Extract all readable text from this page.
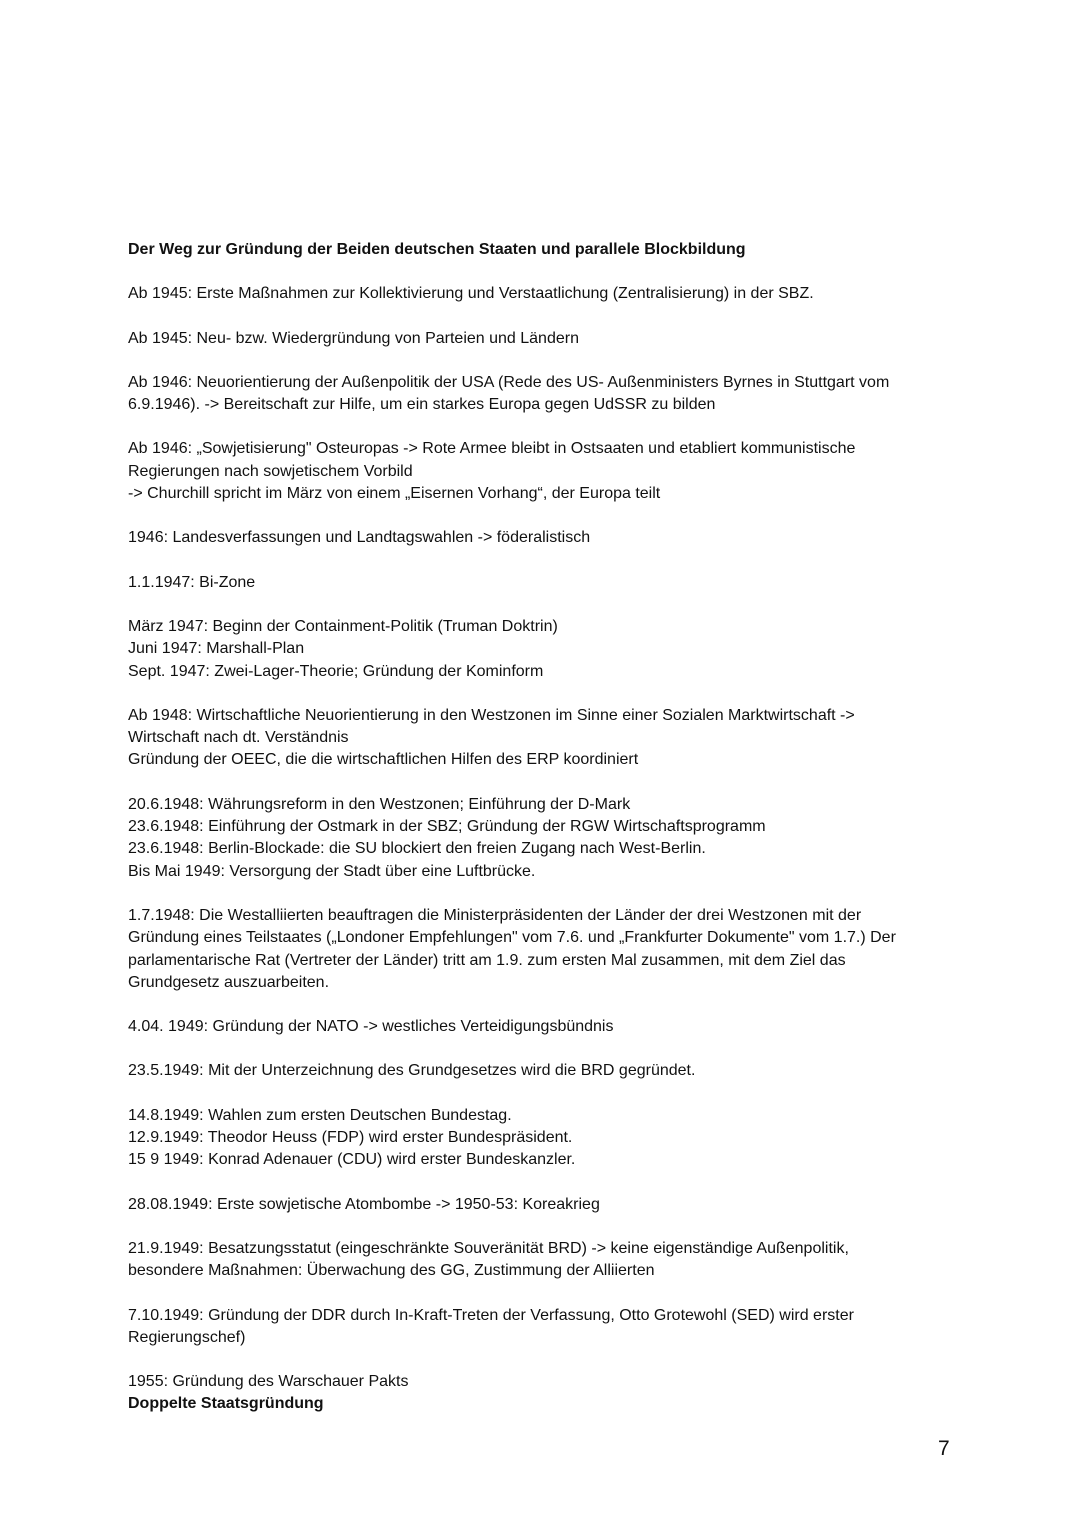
Der Weg zur Gründung der Beiden deutschen Staaten und parallele Blockbildung
Ab 1945: Erste Maßnahmen zur Kollektivierung und Verstaatlichung (Zentralisierung) in der SBZ.
Ab 1945: Neu- bzw. Wiedergründung von Parteien und Ländern
Ab 1946: Neuorientierung der Außenpolitik der USA (Rede des US- Außenministers Byrnes in Stuttgart vom
6.9.1946). -> Bereitschaft zur Hilfe, um ein starkes Europa gegen UdSSR zu bilden
Ab 1946: „Sowjetisierung" Osteuropas -> Rote Armee bleibt in Ostsaaten und etabliert kommunistische
Regierungen nach sowjetischem Vorbild
-> Churchill spricht im März von einem „Eisernen Vorhang“, der Europa teilt
1946: Landesverfassungen und Landtagswahlen -> föderalistisch
1.1.1947: Bi-Zone
März 1947: Beginn der Containment-Politik (Truman Doktrin)
Juni 1947: Marshall-Plan
Sept. 1947: Zwei-Lager-Theorie; Gründung der Kominform
Ab 1948: Wirtschaftliche Neuorientierung in den Westzonen im Sinne einer Sozialen Marktwirtschaft ->
Wirtschaft nach dt. Verständnis
Gründung der OEEC, die die wirtschaftlichen Hilfen des ERP koordiniert
20.6.1948: Währungsreform in den Westzonen; Einführung der D-Mark
23.6.1948: Einführung der Ostmark in der SBZ; Gründung der RGW Wirtschaftsprogramm
23.6.1948: Berlin-Blockade: die SU blockiert den freien Zugang nach West-Berlin.
Bis Mai 1949: Versorgung der Stadt über eine Luftbrücke.
1.7.1948: Die Westalliierten beauftragen die Ministerpräsidenten der Länder der drei Westzonen mit der
Gründung eines Teilstaates („Londoner Empfehlungen" vom 7.6. und „Frankfurter Dokumente" vom 1.7.) Der
parlamentarische Rat (Vertreter der Länder) tritt am 1.9. zum ersten Mal zusammen, mit dem Ziel das
Grundgesetz auszuarbeiten.
4.04. 1949: Gründung der NATO -> westliches Verteidigungsbündnis
23.5.1949: Mit der Unterzeichnung des Grundgesetzes wird die BRD gegründet.
14.8.1949: Wahlen zum ersten Deutschen Bundestag.
12.9.1949: Theodor Heuss (FDP) wird erster Bundespräsident.
15 9 1949: Konrad Adenauer (CDU) wird erster Bundeskanzler.
28.08.1949: Erste sowjetische Atombombe -> 1950-53: Koreakrieg
21.9.1949: Besatzungsstatut (eingeschränkte Souveränität BRD) -> keine eigenständige Außenpolitik,
besondere Maßnahmen: Überwachung des GG, Zustimmung der Alliierten
7.10.1949: Gründung der DDR durch In-Kraft-Treten der Verfassung, Otto Grotewohl (SED) wird erster
Regierungschef)
1955: Gründung des Warschauer Pakts
Doppelte Staatsgründung
7
